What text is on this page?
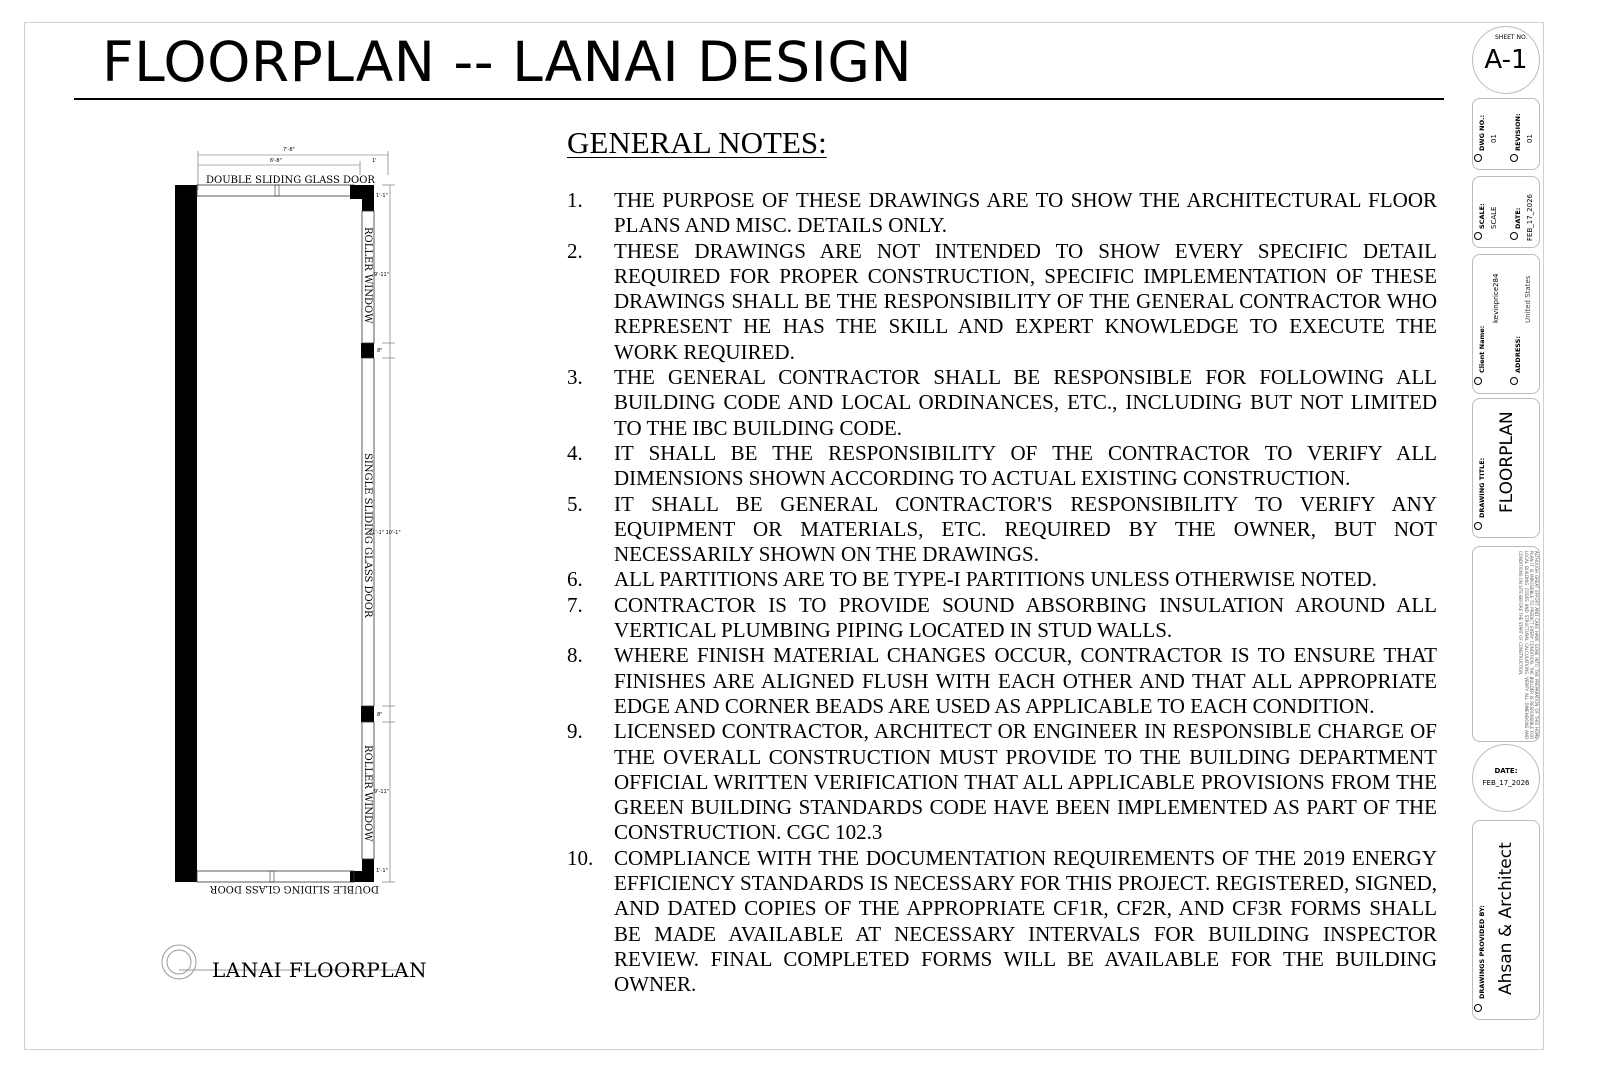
FLOORPLAN -- LANAI DESIGN
7'-8"
6'-8"	1'
DOUBLE SLIDING GLASS DOOR
ROLLER WINDOW
SINGLE SLIDING GLASS DOOR
ROLLER WINDOW
DOUBLE SLIDING GLASS DOOR
1'-1"
9'-11"
8"
21'-1" 10'-1"
8"
9'-11"
1'-1"
LANAI FLOORPLAN
GENERAL NOTES:
1. THE PURPOSE OF THESE DRAWINGS ARE TO SHOW THE ARCHITECTURAL FLOOR PLANS AND MISC. DETAILS ONLY.
2. THESE DRAWINGS ARE NOT INTENDED TO SHOW EVERY SPECIFIC DETAIL REQUIRED FOR PROPER CONSTRUCTION, SPECIFIC IMPLEMENTATION OF THESE DRAWINGS SHALL BE THE RESPONSIBILITY OF THE GENERAL CONTRACTOR WHO REPRESENT HE HAS THE SKILL AND EXPERT KNOWLEDGE TO EXECUTE THE WORK REQUIRED.
3. THE GENERAL CONTRACTOR SHALL BE RESPONSIBLE FOR FOLLOWING ALL BUILDING CODE AND LOCAL ORDINANCES, ETC., INCLUDING BUT NOT LIMITED TO THE IBC BUILDING CODE.
4. IT SHALL BE THE RESPONSIBILITY OF THE CONTRACTOR TO VERIFY ALL DIMENSIONS SHOWN ACCORDING TO ACTUAL EXISTING CONSTRUCTION.
5. IT SHALL BE GENERAL CONTRACTOR'S RESPONSIBILITY TO VERIFY ANY EQUIPMENT OR MATERIALS, ETC. REQUIRED BY THE OWNER, BUT NOT NECESSARILY SHOWN ON THE DRAWINGS.
6. ALL PARTITIONS ARE TO BE TYPE-I PARTITIONS UNLESS OTHERWISE NOTED.
7. CONTRACTOR IS TO PROVIDE SOUND ABSORBING INSULATION AROUND ALL VERTICAL PLUMBING PIPING LOCATED IN STUD WALLS.
8. WHERE FINISH MATERIAL CHANGES OCCUR, CONTRACTOR IS TO ENSURE THAT FINISHES ARE ALIGNED FLUSH WITH EACH OTHER AND THAT ALL APPROPRIATE EDGE AND CORNER BEADS ARE USED AS APPLICABLE TO EACH CONDITION.
9. LICENSED CONTRACTOR, ARCHITECT OR ENGINEER IN RESPONSIBLE CHARGE OF THE OVERALL CONSTRUCTION MUST PROVIDE TO THE BUILDING DEPARTMENT OFFICIAL WRITTEN VERIFICATION THAT ALL APPLICABLE PROVISIONS FROM THE GREEN BUILDING STANDARDS CODE HAVE BEEN IMPLEMENTED AS PART OF THE CONSTRUCTION. CGC 102.3
10. COMPLIANCE WITH THE DOCUMENTATION REQUIREMENTS OF THE 2019 ENERGY EFFICIENCY STANDARDS IS NECESSARY FOR THIS PROJECT. REGISTERED, SIGNED, AND DATED COPIES OF THE APPROPRIATE CF1R, CF2R, AND CF3R FORMS SHALL BE MADE AVAILABLE AT NECESSARY INTERVALS FOR BUILDING INSPECTOR REVIEW. FINAL COMPLETED FORMS WILL BE AVAILABLE FOR THE BUILDING OWNER.
SHEET NO.
A-1
DWG NO.: 01 REVISION: 01
SCALE: SCALE DATE: FEB_17_2026
Client Name:
kevinprice284
ADDRESS:
United States
DRAWING TITLE: FLOORPLAN
ALTHOUGH GREAT EFFORT AND CARE HAVE GONE INTO THE PREPARATION OF THIS HOME PLAN IT IS IMPOSSIBLE TO PREDICT EVERY CONDITION. THE BUILDER IS RESPONSIBLE FOR LOCAL BUILDING CODES AND STRUCTURAL CALCULATIONS. VERIFY ALL DIMENSIONS AND CONDITIONS ON SITE BEFORE THE START OF CONSTRUCTION.
DATE:
FEB_17_2026
DRAWINGS PROVIDED BY: Ahsan & Architect
